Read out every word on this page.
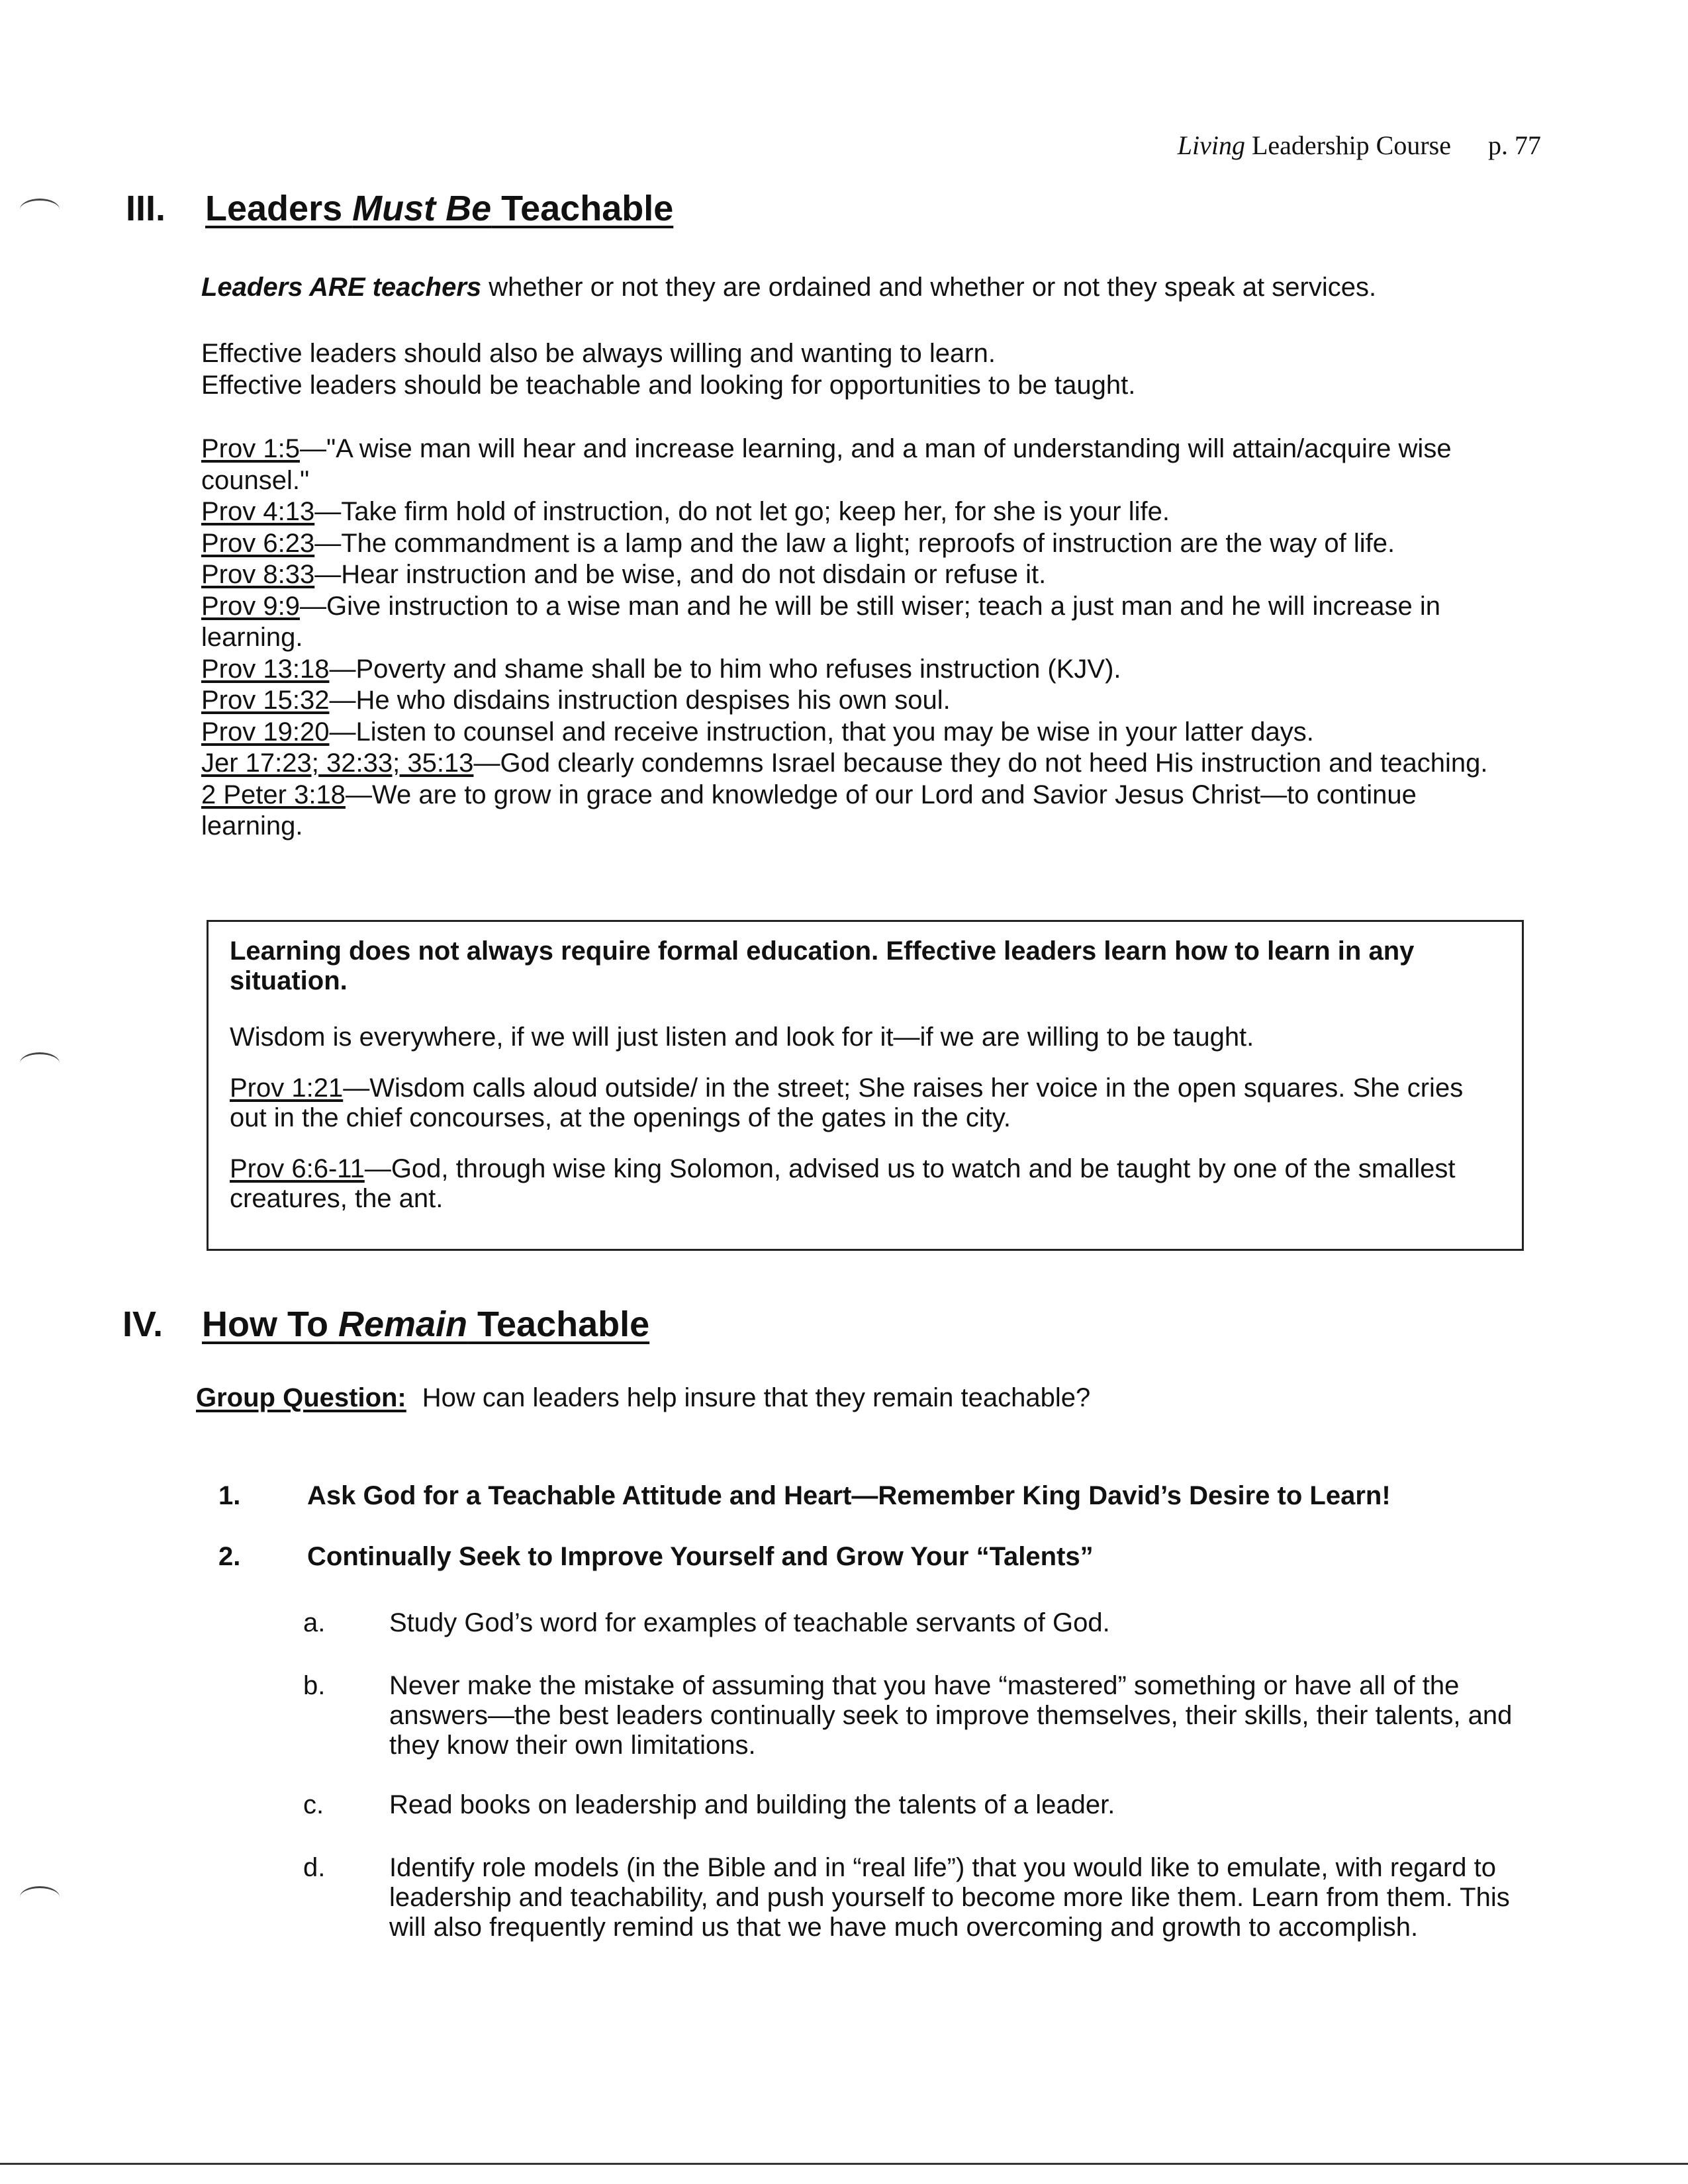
Living Leadership Course p. 77
III. Leaders Must Be Teachable
Leaders ARE teachers whether or not they are ordained and whether or not they speak at services.
Effective leaders should also be always willing and wanting to learn.
Effective leaders should be teachable and looking for opportunities to be taught.
Prov 1:5—"A wise man will hear and increase learning, and a man of understanding will attain/acquire wise counsel."
Prov 4:13—Take firm hold of instruction, do not let go; keep her, for she is your life.
Prov 6:23—The commandment is a lamp and the law a light; reproofs of instruction are the way of life.
Prov 8:33—Hear instruction and be wise, and do not disdain or refuse it.
Prov 9:9—Give instruction to a wise man and he will be still wiser; teach a just man and he will increase in learning.
Prov 13:18—Poverty and shame shall be to him who refuses instruction (KJV).
Prov 15:32—He who disdains instruction despises his own soul.
Prov 19:20—Listen to counsel and receive instruction, that you may be wise in your latter days.
Jer 17:23; 32:33; 35:13—God clearly condemns Israel because they do not heed His instruction and teaching.
2 Peter 3:18—We are to grow in grace and knowledge of our Lord and Savior Jesus Christ—to continue learning.

Learning does not always require formal education. Effective leaders learn how to learn in any situation.

Wisdom is everywhere, if we will just listen and look for it—if we are willing to be taught.

Prov 1:21—Wisdom calls aloud outside/ in the street; She raises her voice in the open squares. She cries out in the chief concourses, at the openings of the gates in the city.

Prov 6:6-11—God, through wise king Solomon, advised us to watch and be taught by one of the smallest creatures, the ant.

IV. How To Remain Teachable
Group Question: How can leaders help insure that they remain teachable?
1.	Ask God for a Teachable Attitude and Heart—Remember King David’s Desire to Learn!
2.	Continually Seek to Improve Yourself and Grow Your “Talents”
a. Study God’s word for examples of teachable servants of God.
b. Never make the mistake of assuming that you have “mastered” something or have all of the answers—the best leaders continually seek to improve themselves, their skills, their talents, and they know their own limitations.
c. Read books on leadership and building the talents of a leader.
d. Identify role models (in the Bible and in “real life”) that you would like to emulate, with regard to leadership and teachability, and push yourself to become more like them. Learn from them. This will also frequently remind us that we have much overcoming and growth to accomplish.
